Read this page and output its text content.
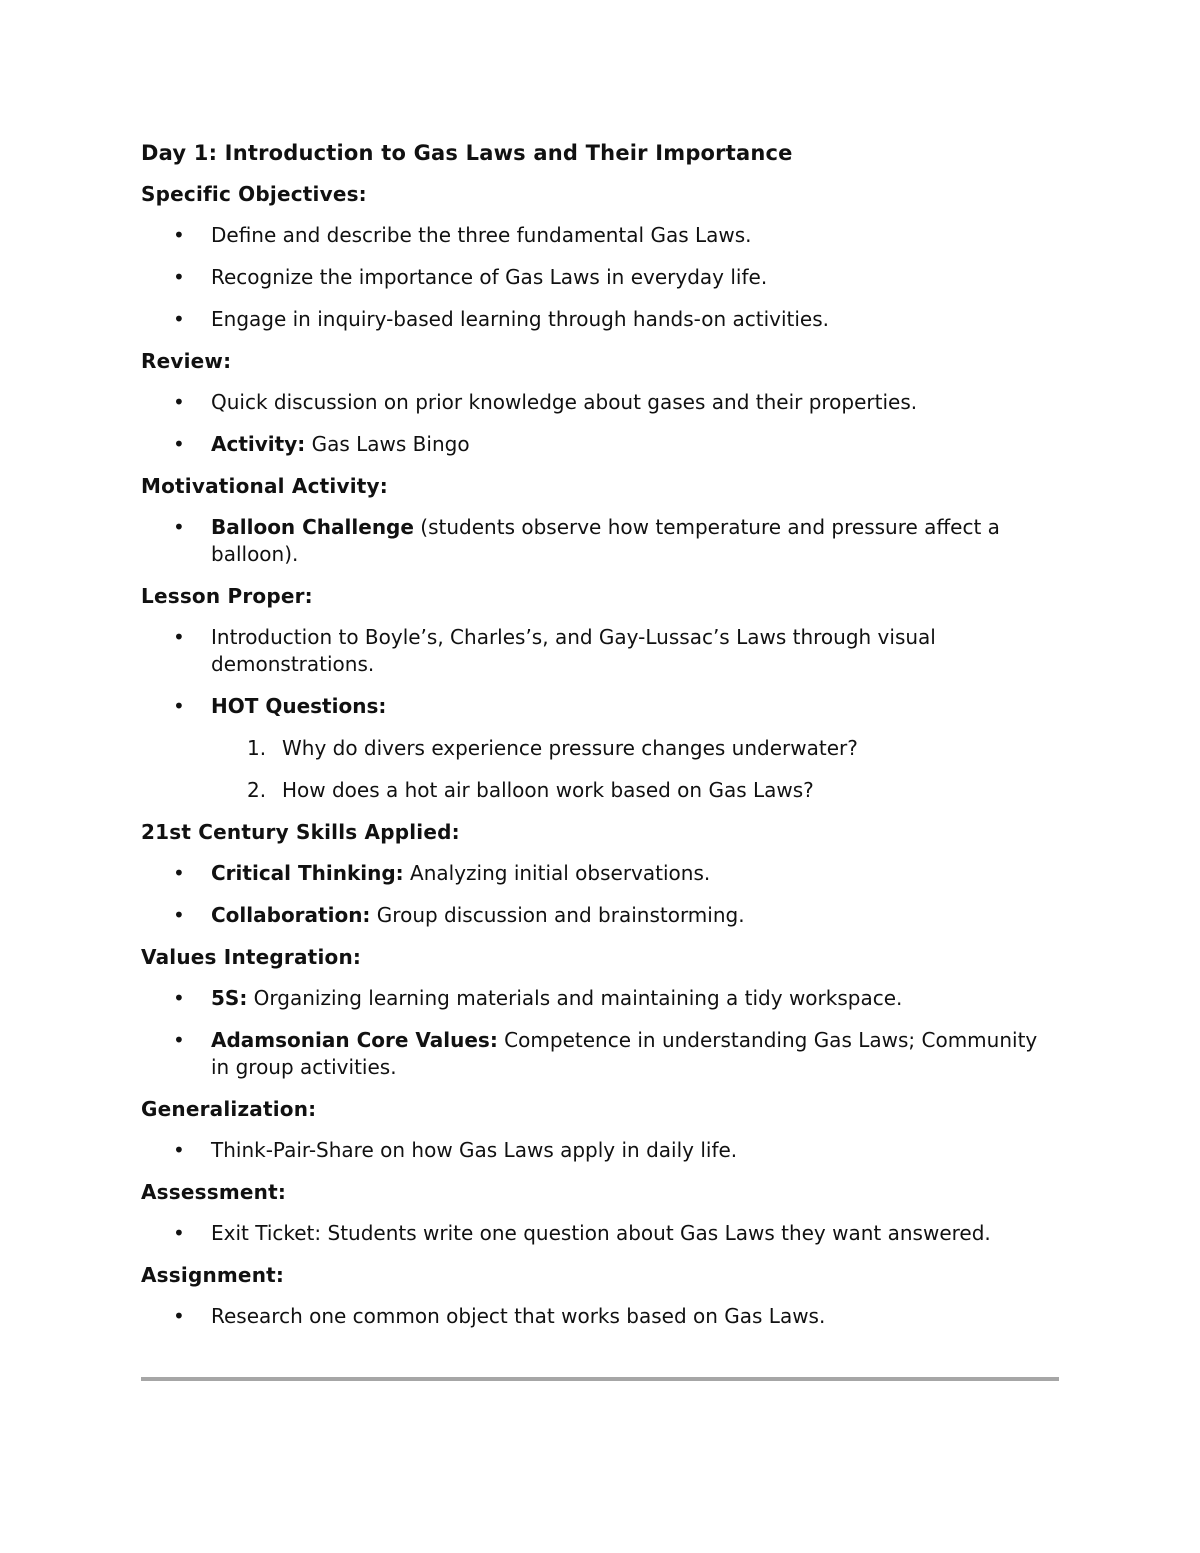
Day 1: Introduction to Gas Laws and Their Importance
Specific Objectives:
• Define and describe the three fundamental Gas Laws.
• Recognize the importance of Gas Laws in everyday life.
• Engage in inquiry-based learning through hands-on activities.
Review:
• Quick discussion on prior knowledge about gases and their properties.
• Activity: Gas Laws Bingo
Motivational Activity:
• Balloon Challenge (students observe how temperature and pressure affect a balloon).
Lesson Proper:
• Introduction to Boyle’s, Charles’s, and Gay-Lussac’s Laws through visual demonstrations.
• HOT Questions:
1. Why do divers experience pressure changes underwater?
2. How does a hot air balloon work based on Gas Laws?
21st Century Skills Applied:
• Critical Thinking: Analyzing initial observations.
• Collaboration: Group discussion and brainstorming.
Values Integration:
• 5S: Organizing learning materials and maintaining a tidy workspace.
• Adamsonian Core Values: Competence in understanding Gas Laws; Community in group activities.
Generalization:
• Think-Pair-Share on how Gas Laws apply in daily life.
Assessment:
• Exit Ticket: Students write one question about Gas Laws they want answered.
Assignment:
• Research one common object that works based on Gas Laws.
